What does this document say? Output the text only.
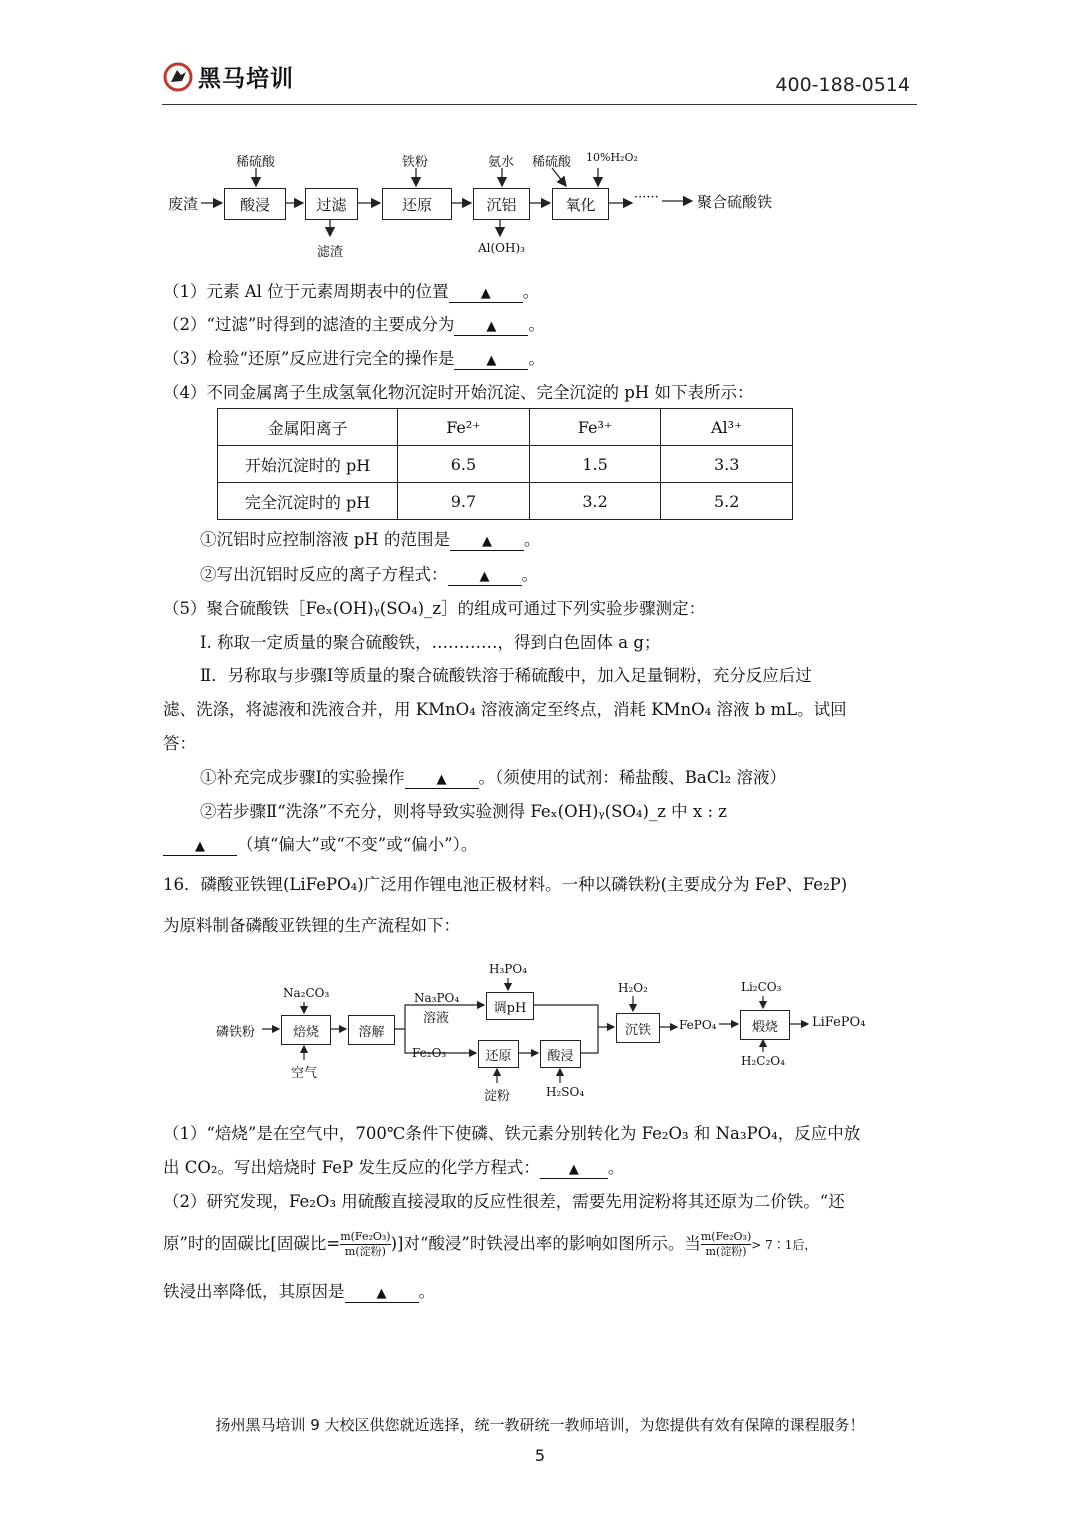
黑马培训	400-188-0514
废渣	酸浸	过滤	还原	沉铝	氧化
稀硫酸	铁粉	氨水 稀硫酸 10%H₂O₂
滤渣	Al(OH)₃
······	聚合硫酸铁
（1）元素 Al 位于元素周期表中的位置 ▲ 。
（2）“过滤”时得到的滤渣的主要成分为 ▲ 。
（3）检验“还原”反应进行完全的操作是 ▲ 。
（4）不同金属离子生成氢氧化物沉淀时开始沉淀、完全沉淀的 pH 如下表所示：
金属阳离子	Fe²⁺	Fe³⁺	Al³⁺
开始沉淀时的 pH	6.5	1.5	3.3
完全沉淀时的 pH	9.7	3.2	5.2
①沉铝时应控制溶液 pH 的范围是 ▲ 。
②写出沉铝时反应的离子方程式： ▲ 。
（5）聚合硫酸铁［Feₓ(OH)ᵧ(SO₄)_z］的组成可通过下列实验步骤测定：
Ⅰ. 称取一定质量的聚合硫酸铁，…………，得到白色固体 a g；
Ⅱ．另称取与步骤Ⅰ等质量的聚合硫酸铁溶于稀硫酸中，加入足量铜粉，充分反应后过
滤、洗涤，将滤液和洗液合并，用 KMnO₄ 溶液滴定至终点，消耗 KMnO₄ 溶液 b mL。试回
答：
①补充完成步骤Ⅰ的实验操作 ▲ 。（须使用的试剂：稀盐酸、BaCl₂ 溶液）
②若步骤Ⅱ“洗涤”不充分，则将导致实验测得 Feₓ(OH)ᵧ(SO₄)_z 中 x : z
▲ （填“偏大”或“不变”或“偏小”）。
16．磷酸亚铁锂(LiFePO₄)广泛用作锂电池正极材料。一种以磷铁粉(主要成分为 FeP、Fe₂P)
为原料制备磷酸亚铁锂的生产流程如下：
磷铁粉	焙烧	溶解
调pH
还原	酸浸
沉铁	煅烧
Na₂CO₃
空气
H₃PO₄
Na₃PO₄
溶液
Fe₂O₃
淀粉	H₂SO₄
H₂O₂
FePO₄
Li₂CO₃
H₂C₂O₄
LiFePO₄
（1）“焙烧”是在空气中，700℃条件下使磷、铁元素分别转化为 Fe₂O₃ 和 Na₃PO₄，反应中放
出 CO₂。写出焙烧时 FeP 发生反应的化学方程式： ▲ 。
（2）研究发现，Fe₂O₃ 用硫酸直接浸取的反应性很差，需要先用淀粉将其还原为二价铁。“还
原”时的固碳比[固碳比= $\frac{\text{m(Fe₂O₃)}}{\text{m(淀粉)}}$)]对“酸浸”时铁浸出率的影响如图所示。当 $\frac{\text{m(Fe₂O₃)}}{\text{m(淀粉)}}>$ 7∶1后，
铁浸出率降低，其原因是 ▲ 。
扬州黑马培训 9 大校区供您就近选择，统一教研统一教师培训，为您提供有效有保障的课程服务！
5
